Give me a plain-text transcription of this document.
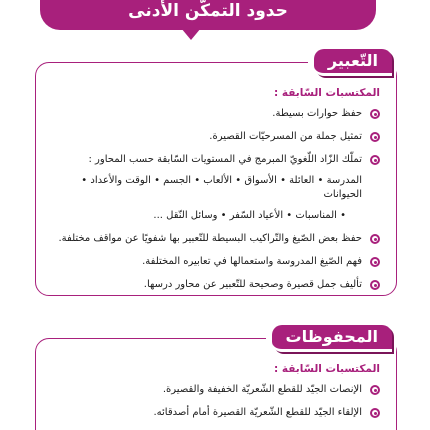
حدود التمكّن الأدنى
التّعبير
المكتسبات السّابقة :
حفظ حوارات بسيطة.
تمثيل جملة من المسرحيّات القصيرة.
تملّك الزّاد اللّغويّ المبرمج في المستويات السّابقة حسب المحاور :
المدرسة • العائلة • الأسواق • الألعاب • الجسم • الوقت والأعداد • الحيوانات
• المناسبات • الأعياد السّفر • وسائل النّقل ...
حفظ بعض الصّيغ والتّراكيب البسيطة للتّعبير بها شفويًا عن مواقف مختلفة.
فهم الصّيغ المدروسة واستعمالها في تعابيره المختلفة.
تأليف جمل قصيرة وصحيحة للتّعبير عن محاور درسها.
المحفوظات
المكتسبات السّابقة :
الإنصات الجيّد للقطع الشّعريّة الخفيفة والقصيرة.
الإلقاء الجيّد للقطع الشّعريّة القصيرة أمام أصدقائه.
